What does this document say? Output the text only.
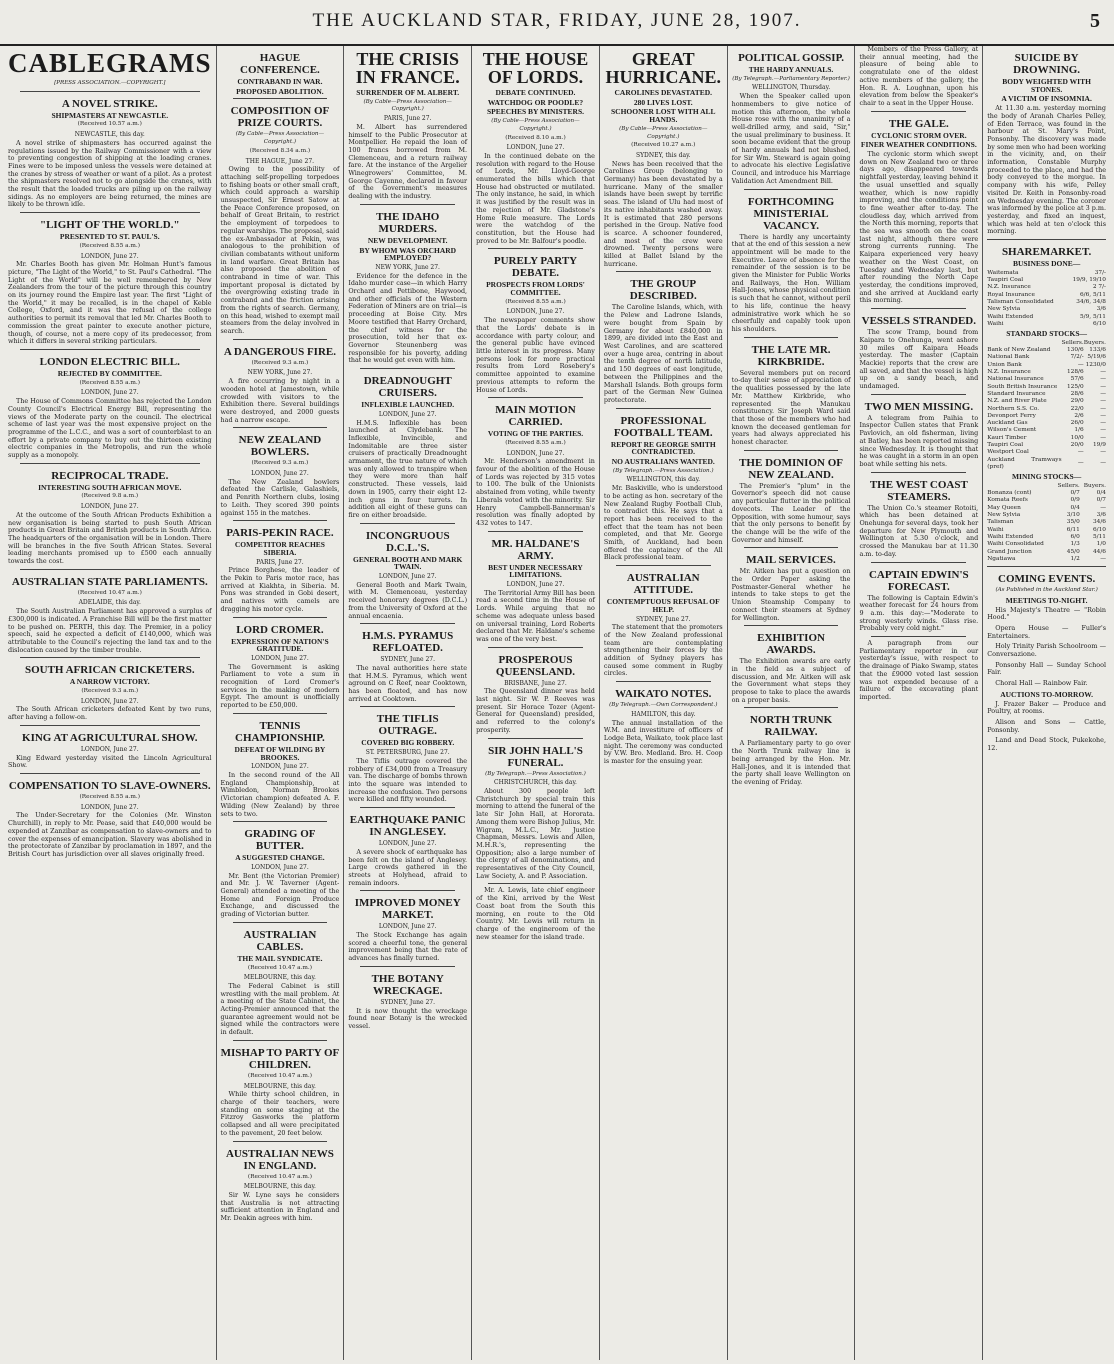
THE AUCKLAND STAR, FRIDAY, JUNE 28, 1907.	5
CABLEGRAMS
[PRESS ASSOCIATION.—COPYRIGHT.]
A NOVEL STRIKE.
SHIPMASTERS AT NEWCASTLE.
(Received 10.57 a.m.)
NEWCASTLE, this day.
A novel strike of shipmasters has occurred against the regulations issued by the Railway Commissioner with a view to preventing congestion of shipping at the loading cranes. Fines were to be imposed unless the vessels were detained at the cranes by stress of weather or want of a pilot. As a protest the shipmasters resolved not to go alongside the cranes, with the result that the loaded trucks are piling up on the railway sidings. As no employers are being returned, the mines are likely to be thrown idle.
"LIGHT OF THE WORLD."
PRESENTED TO ST. PAUL'S.
(Received 8.55 a.m.)
LONDON, June 27.
Mr. Charles Booth has given Mr. Holman Hunt's famous picture, "The Light of the World," to St. Paul's Cathedral. "The Light of the World" will be well remembered by New Zealanders from the tour of the picture through this country on its journey round the Empire last year. The first "Light of the World," it may be recalled, is in the chapel of Keble College, Oxford, and it was the refusal of the college authorities to permit its removal that led Mr. Charles Booth to commission the great painter to execute another picture, though, of course, not a mere copy of its predecessor, from which it differs in several striking particulars.
LONDON ELECTRIC BILL.
REJECTED BY COMMITTEE.
(Received 8.55 a.m.)
LONDON, June 27.
The House of Commons Committee has rejected the London County Council's Electrical Energy Bill, representing the views of the Moderate party on the council. The electrical scheme of last year was the most expensive project on the programme of the L.C.C., and was a sort of counterblast to an effort by a private company to buy out the thirteen existing electric companies in the Metropolis, and run the whole supply as a monopoly.
RECIPROCAL TRADE.
INTERESTING SOUTH AFRICAN MOVE.
(Received 9.8 a.m.)
LONDON, June 27.
At the outcome of the South African Products Exhibition a new organisation is being started to push South African products in Great Britain and British products in South Africa. The headquarters of the organisation will be in London. There will be branches in the five South African States. Several leading merchants promised up to £500 each annually towards the cost.
AUSTRALIAN STATE PARLIAMENTS.
(Received 10.47 a.m.)
ADELAIDE, this day.
The South Australian Parliament has approved a surplus of £300,000 is indicated. A Franchise Bill will be the first matter to be pushed on. PERTH, this day. The Premier, in a policy speech, said he expected a deficit of £140,000, which was attributable to the Council's rejecting the land tax and to the dislocation caused by the timber trouble.
SOUTH AFRICAN CRICKETERS.
A NARROW VICTORY.
(Received 9.3 a.m.)
LONDON, June 27.
The South African cricketers defeated Kent by two runs, after having a follow-on.
KING AT AGRICULTURAL SHOW.
LONDON, June 27.
King Edward yesterday visited the Lincoln Agricultural Show.
COMPENSATION TO SLAVE-OWNERS.
(Received 8.55 a.m.)
LONDON, June 27.
The Under-Secretary for the Colonies (Mr. Winston Churchill), in reply to Mr. Pease, said that £40,000 would be expended at Zanzibar as compensation to slave-owners and to cover the expenses of emancipation. Slavery was abolished in the protectorate of Zanzibar by proclamation in 1897, and the British Court has jurisdiction over all slaves originally freed.
HAGUE CONFERENCE.
CONTRABAND IN WAR.
PROPOSED ABOLITION.
COMPOSITION OF PRIZE COURTS.
(By Cable—Press Association—Copyright.)
(Received 8.34 a.m.)
THE HAGUE, June 27.
Owing to the possibility of attaching self-propelling torpedoes to fishing boats or other small craft, which could approach a warship unsuspected, Sir Ernest Satow at the Peace Conference proposed, on behalf of Great Britain, to restrict the employment of torpedoes to regular warships. The proposal, said the ex-Ambassador at Pekin, was analogous to the prohibition of civilian combatants without uniform in land warfare. Great Britain has also proposed the abolition of contraband in time of war. This important proposal is dictated by the overgrowing existing trade in contraband and the friction arising from the rights of search. Germany, on this head, wished to exempt mail steamers from the delay involved in search.
A DANGEROUS FIRE.
(Received 9.3 a.m.)
NEW YORK, June 27.
A fire occurring by night in a wooden hotel at Jamestown, while crowded with visitors to the Exhibition there. Several buildings were destroyed, and 2000 guests had a narrow escape.
NEW ZEALAND BOWLERS.
(Received 9.3 a.m.)
LONDON, June 27.
The New Zealand bowlers defeated the Carlisle, Galashiels, and Penrith Northern clubs, losing to Leith. They scored 390 points against 155 in the matches.
PARIS-PEKIN RACE.
COMPETITOR REACHES SIBERIA.
PARIS, June 27.
Prince Borghese, the leader of the Pekin to Paris motor race, has arrived at Kiakhta, in Siberia. M. Pons was stranded in Gobi desert, and natives with camels are dragging his motor cycle.
LORD CROMER.
EXPRESSION OF NATION'S GRATITUDE.
LONDON, June 27.
The Government is asking Parliament to vote a sum in recognition of Lord Cromer's services in the making of modern Egypt. The amount is unofficially reported to be £50,000.
TENNIS CHAMPIONSHIP.
DEFEAT OF WILDING BY BROOKES.
LONDON, June 27.
In the second round of the All England Championship, at Wimbledon, Norman Brookes (Victorian champion) defeated A. F. Wilding (New Zealand) by three sets to two.
GRADING OF BUTTER.
A SUGGESTED CHANGE.
LONDON, June 27.
Mr. Bent (the Victorian Premier) and Mr. J. W. Taverner (Agent-General) attended a meeting of the Home and Foreign Produce Exchange, and discussed the grading of Victorian butter.
AUSTRALIAN CABLES.
THE MAIL SYNDICATE.
(Received 10.47 a.m.)
MELBOURNE, this day.
The Federal Cabinet is still wrestling with the mail problem. At a meeting of the State Cabinet, the Acting-Premier announced that the guarantee agreement would not be signed while the contractors were in default.
MISHAP TO PARTY OF CHILDREN.
(Received 10.47 a.m.)
MELBOURNE, this day.
While thirty school children, in charge of their teachers, were standing on some staging at the Fitzroy Gasworks the platform collapsed and all were precipitated to the pavement, 20 feet below.
AUSTRALIAN NEWS IN ENGLAND.
(Received 10.47 a.m.)
MELBOURNE, this day.
Sir W. Lyne says he considers that Australia is not attracting sufficient attention in England and Mr. Deakin agrees with him.
THE CRISIS IN FRANCE.
SURRENDER OF M. ALBERT.
(By Cable—Press Association—Copyright.)
PARIS, June 27.
M. Albert has surrendered himself to the Public Prosecutor at Montpellier. He repaid the loan of 100 francs borrowed from M. Clemenceau, and a return railway fare. At the instance of the Argelier Winegrowers' Committee, M. George Cayenne, declared in favour of the Government's measures dealing with the industry.
THE IDAHO MURDERS.
NEW DEVELOPMENT.
BY WHOM WAS ORCHARD EMPLOYED?
NEW YORK, June 27.
Evidence for the defence in the Idaho murder case—in which Harry Orchard and Pettibone, Haywood, and other officials of the Western Federation of Miners are on trial—is proceeding at Boise City. Mrs Moore testified that Harry Orchard, the chief witness for the prosecution, told her that ex-Governor Steunenberg was responsible for his poverty, adding that he would get even with him.
DREADNOUGHT CRUISERS.
INFLEXIBLE LAUNCHED.
LONDON, June 27.
H.M.S. Inflexible has been launched at Clydebank. The Inflexible, Invincible, and Indomitable are three sister cruisers of practically Dreadnought armament, the true nature of which was only allowed to transpire when they were more than half constructed. These vessels, laid down in 1905, carry their eight 12-inch guns in four turrets. In addition all eight of these guns can fire on either broadside.
INCONGRUOUS D.C.L.'S.
GENERAL BOOTH AND MARK TWAIN.
LONDON, June 27.
General Booth and Mark Twain, with M. Clemenceau, yesterday received honorary degrees (D.C.L.) from the University of Oxford at the annual encaenia.
H.M.S. PYRAMUS REFLOATED.
SYDNEY, June 27.
The naval authorities here state that H.M.S. Pyramus, which went aground on C Reef, near Cooktown, has been floated, and has now arrived at Cooktown.
THE TIFLIS OUTRAGE.
COVERED BIG ROBBERY.
ST. PETERSBURG, June 27.
The Tiflis outrage covered the robbery of £34,000 from a Treasury van. The discharge of bombs thrown into the square was intended to increase the confusion. Two persons were killed and fifty wounded.
EARTHQUAKE PANIC IN ANGLESEY.
LONDON, June 27.
A severe shock of earthquake has been felt on the island of Anglesey. Large crowds gathered in the streets at Holyhead, afraid to remain indoors.
IMPROVED MONEY MARKET.
LONDON, June 27.
The Stock Exchange has again scored a cheerful tone, the general improvement being that the rate of advances has finally turned.
THE BOTANY WRECKAGE.
SYDNEY, June 27.
It is now thought the wreckage found near Botany is the wrecked vessel.
THE HOUSE OF LORDS.
DEBATE CONTINUED.
WATCHDOG OR POODLE?
SPEECHES BY MINISTERS.
(By Cable—Press Association—Copyright.)
(Received 8.10 a.m.)
LONDON, June 27.
In the continued debate on the resolution with regard to the House of Lords, Mr. Lloyd-George enumerated the bills which that House had obstructed or mutilated. The only instance, he said, in which it was justified by the result was in the rejection of Mr. Gladstone's Home Rule measure. The Lords were the watchdog of the constitution, but the House had proved to be Mr. Balfour's poodle.
PURELY PARTY DEBATE.
PROSPECTS FROM LORDS' COMMITTEE.
(Received 8.55 a.m.)
LONDON, June 27.
The newspaper comments show that the Lords' debate is in accordance with party colour, and the general public have evinced little interest in its progress. Many persons look for more practical results from Lord Rosebery's committee appointed to examine previous attempts to reform the House of Lords.
MAIN MOTION CARRIED.
VOTING OF THE PARTIES.
(Received 8.55 a.m.)
LONDON, June 27.
Mr. Henderson's amendment in favour of the abolition of the House of Lords was rejected by 315 votes to 100. The bulk of the Unionists abstained from voting, while twenty Liberals voted with the minority. Sir Henry Campbell-Bannerman's resolution was finally adopted by 432 votes to 147.
MR. HALDANE'S ARMY.
BEST UNDER NECESSARY LIMITATIONS.
LONDON, June 27.
The Territorial Army Bill has been read a second time in the House of Lords. While arguing that no scheme was adequate unless based on universal training, Lord Roberts declared that Mr. Haldane's scheme was one of the very best.
PROSPEROUS QUEENSLAND.
BRISBANE, June 27.
The Queensland dinner was held last night. Sir W. P. Reeves was present. Sir Horace Tozer (Agent-General for Queensland) presided, and referred to the colony's prosperity.
SIR JOHN HALL'S FUNERAL.
(By Telegraph.—Press Association.)
CHRISTCHURCH, this day.
About 300 people left Christchurch by special train this morning to attend the funeral of the late Sir John Hall, at Hororata. Among them were Bishop Julius, Mr. Wigram, M.L.C., Mr. Justice Chapman, Messrs. Lewis and Allen, M.H.R.'s, representing the Opposition; also a large number of the clergy of all denominations, and representatives of the City Council, Law Society, A. and P. Association.
Mr. A. Lewis, late chief engineer of the Kini, arrived by the West Coast boat from the South this morning, en route to the Old Country. Mr. Lewis will return in charge of the engineroom of the new steamer for the island trade.
GREAT HURRICANE.
CAROLINES DEVASTATED.
280 LIVES LOST.
SCHOONER LOST WITH ALL HANDS.
(By Cable—Press Association—Copyright.)
(Received 10.27 a.m.)
SYDNEY, this day.
News has been received that the Carolines Group (belonging to Germany) has been devastated by a hurricane. Many of the smaller islands have been swept by terrific seas. The island of Ulu had most of its native inhabitants washed away. It is estimated that 280 persons perished in the Group. Native food is scarce. A schooner foundered, and most of the crew were drowned. Twenty persons were killed at Ballet Island by the hurricane.
THE GROUP DESCRIBED.
The Caroline Islands, which, with the Pelew and Ladrone Islands, were bought from Spain by Germany for about £840,000 in 1899, are divided into the East and West Carolines, and are scattered over a huge area, centring in about the tenth degree of north latitude, and 150 degrees of east longitude, between the Philippines and the Marshall Islands. Both groups form part of the German New Guinea protectorate.
PROFESSIONAL FOOTBALL TEAM.
REPORT RE GEORGE SMITH CONTRADICTED.
NO AUSTRALIANS WANTED.
(By Telegraph.—Press Association.)
WELLINGTON, this day.
Mr. Baskiville, who is understood to be acting as hon. secretary of the New Zealand Rugby Football Club, to contradict this. He says that a report has been received to the effect that the team has not been completed, and that Mr. George Smith, of Auckland, had been offered the captaincy of the All Black professional team.
AUSTRALIAN ATTITUDE.
CONTEMPTUOUS REFUSAL OF HELP.
SYDNEY, June 27.
The statement that the promoters of the New Zealand professional team are contemplating strengthening their forces by the addition of Sydney players has caused some comment in Rugby circles.
WAIKATO NOTES.
(By Telegraph.—Own Correspondent.)
HAMILTON, this day.
The annual installation of the W.M. and investiture of officers of Lodge Beta, Waikato, took place last night. The ceremony was conducted by V.W. Bro. Medland. Bro. H. Coop is master for the ensuing year.
POLITICAL GOSSIP.
THE HARDY ANNUALS.
(By Telegraph.—Parliamentary Reporter.)
WELLINGTON, Thursday.
When the Speaker called upon honmembers to give notice of motion this afternoon, the whole House rose with the unanimity of a well-drilled army, and said, "Sir," the usual preliminary to business. It soon became evident that the group of hardy annuals had not blushed, for Sir Wm. Steward is again going to advocate his elective Legislative Council, and introduce his Marriage Validation Act Amendment Bill.
FORTHCOMING MINISTERIAL VACANCY.
There is hardly any uncertainty that at the end of this session a new appointment will be made to the Executive. Leave of absence for the remainder of the session is to be given the Minister for Public Works and Railways, the Hon. William Hall-Jones, whose physical condition is such that he cannot, without peril to his life, continue the heavy administrative work which he so cheerfully and capably took upon his shoulders.
THE LATE MR. KIRKBRIDE.
Several members put on record to-day their sense of appreciation of the qualities possessed by the late Mr. Matthew Kirkbride, who represented the Manukau constituency. Sir Joseph Ward said that those of the members who had known the deceased gentleman for years had always appreciated his honest character.
THE DOMINION OF NEW ZEALAND.
The Premier's "plum" in the Governor's speech did not cause any particular flutter in the political dovecots. The Leader of the Opposition, with some humour, says that the only persons to benefit by the change will be the wife of the Governor and himself.
MAIL SERVICES.
Mr. Aitken has put a question on the Order Paper asking the Postmaster-General whether he intends to take steps to get the Union Steamship Company to connect their steamers at Sydney for Wellington.
EXHIBITION AWARDS.
The Exhibition awards are early in the field as a subject of discussion, and Mr. Aitken will ask the Government what steps they propose to take to place the awards on a proper basis.
NORTH TRUNK RAILWAY.
A Parliamentary party to go over the North Trunk railway line is being arranged by the Hon. Mr. Hall-Jones, and it is intended that the party shall leave Wellington on the evening of Friday.
Members of the Press Gallery, at their annual meeting, had the pleasure of being able to congratulate one of the oldest active members of the gallery, the Hon. R. A. Loughnan, upon his elevation from below the Speaker's chair to a seat in the Upper House.
THE GALE.
CYCLONIC STORM OVER.
FINER WEATHER CONDITIONS.
The cyclonic storm which swept down on New Zealand two or three days ago, disappeared towards nightfall yesterday, leaving behind it the usual unsettled and squally weather, which is now rapidly improving, and the conditions point to fine weather after to-day. The cloudless day, which arrived from the North this morning, reports that the sea was smooth on the coast last night, although there were strong currents running. The Kaipara experienced very heavy weather on the West Coast, on Tuesday and Wednesday last, but after rounding the North Cape yesterday, the conditions improved, and she arrived at Auckland early this morning.
VESSELS STRANDED.
The scow Tramp, bound from Kaipara to Onehunga, went ashore 30 miles off Kaipara Heads yesterday. The master (Captain Mackie) reports that the crew are all saved, and that the vessel is high up on a sandy beach, and undamaged.
TWO MEN MISSING.
A telegram from Paihia to Inspector Cullen states that Frank Pavlovich, an old fisherman, living at Batley, has been reported missing since Wednesday. It is thought that he was caught in a storm in an open boat while setting his nets.
THE WEST COAST STEAMERS.
The Union Co.'s steamer Rotoiti, which has been detained at Onehunga for several days, took her departure for New Plymouth and Wellington at 5.30 o'clock, and crossed the Manukau bar at 11.30 a.m. to-day.
CAPTAIN EDWIN'S FORECAST.
The following is Captain Edwin's weather forecast for 24 hours from 9 a.m. this day:—"Moderate to strong westerly winds. Glass rise. Probably very cold night."
A paragraph from our Parliamentary reporter in our yesterday's issue, with respect to the drainage of Piako Swamp, states that the £9000 voted last session was not expended because of a failure of the excavating plant imported.
SUICIDE BY DROWNING.
BODY WEIGHTED WITH STONES.
A VICTIM OF INSOMNIA.
At 11.30 a.m. yesterday morning the body of Aranah Charles Pelley, of Eden Terrace, was found in the harbour at St. Mary's Point, Ponsonby. The discovery was made by some men who had been working in the vicinity, and, on their information, Constable Murphy proceeded to the place, and had the body conveyed to the morgue. In company with his wife, Pelley visited Dr. Keith in Ponsonby-road on Wednesday evening. The coroner was informed by the police at 3 p.m. yesterday, and fixed an inquest, which was held at ten o'clock this morning.
SHAREMARKET.
BUSINESS DONE—
Waitemata	37/-
Taupiri Coal	19/9, 19/10
N.Z. Insurance	2 7/-
Royal Insurance	6/6, 5/11
Talisman Consolidated	34/6, 34/8
New Sylvia	3/6
Waihi Extended	5/9, 5/11
Waihi	6/10
STANDARD STOCKS—
	Sellers.	Buyers.
Bank of New Zealand	130/6	133/6
National Bank	7/2/-	5/19/6
Union Bank	—	1230/0
N.Z. Insurance	128/6	—
National Insurance	57/6	—
South British Insurance	125/0	—
Standard Insurance	28/6	—
N.Z. and River Plate	29/0	—
Northern S.S. Co.	22/0	—
Devonport Ferry	2/6	—
Auckland Gas	26/0	—
Wilson's Cement	1/6	—
Kauri Timber	10/0	—
Taupiri Coal	20/0	19/9
Westport Coal	—	—
Auckland Tramways (pref)	—	—
MINING STOCKS—
	Sellers.	Buyers.
Bonanza (cont)	0/7	0/4
Komata Reefs	0/9	0/7
May Queen	0/4	—
New Sylvia	3/10	3/6
Talisman	35/0	34/6
Waihi	6/11	6/10
Waihi Extended	6/0	5/11
Waihi Consolidated	1/3	1/0
Grand Junction	45/0	44/6
Ngatiawa	1/2	—
COMING EVENTS.
(As Published in the Auckland Star.)
MEETINGS TO-NIGHT.
His Majesty's Theatre — "Robin Hood."
Opera House — Fuller's Entertainers.
Holy Trinity Parish Schoolroom — Conversazione.
Ponsonby Hall — Sunday School Fair.
Choral Hall — Rainbow Fair.
AUCTIONS TO-MORROW.
J. Frazer Baker — Produce and Poultry, at rooms.
Alison and Sons — Cattle, Ponsonby.
Land and Dead Stock, Pukekohe, 12.
